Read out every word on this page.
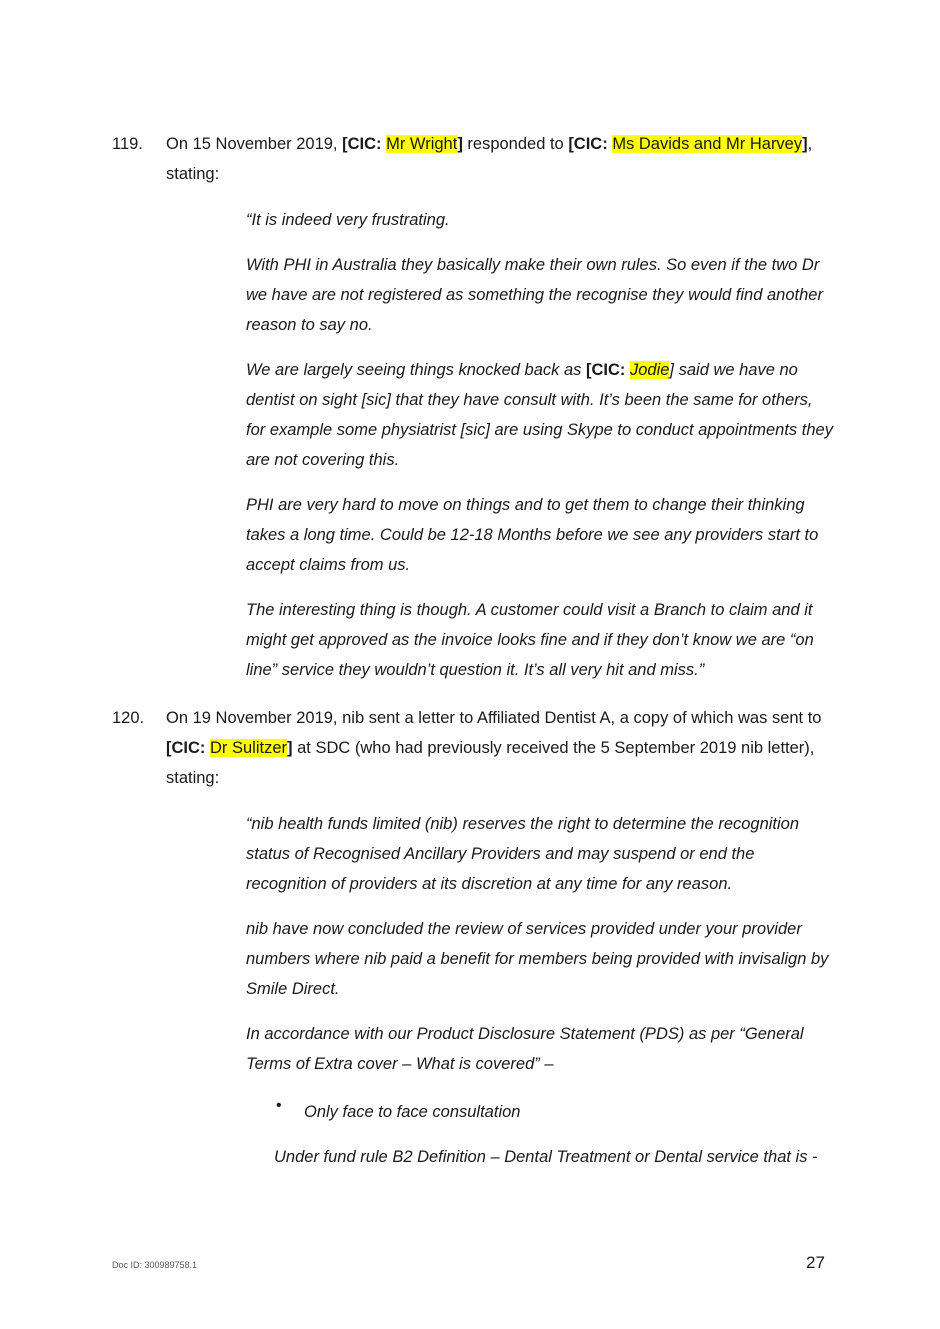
119. On 15 November 2019, [CIC: Mr Wright] responded to [CIC: Ms Davids and Mr Harvey], stating:

“It is indeed very frustrating.

With PHI in Australia they basically make their own rules. So even if the two Dr we have are not registered as something the recognise they would find another reason to say no.

We are largely seeing things knocked back as [CIC: Jodie] said we have no dentist on sight [sic] that they have consult with. It’s been the same for others, for example some physiatrist [sic] are using Skype to conduct appointments they are not covering this.

PHI are very hard to move on things and to get them to change their thinking takes a long time. Could be 12-18 Months before we see any providers start to accept claims from us.

The interesting thing is though. A customer could visit a Branch to claim and it might get approved as the invoice looks fine and if they don’t know we are “on line” service they wouldn’t question it. It’s all very hit and miss.”

120. On 19 November 2019, nib sent a letter to Affiliated Dentist A, a copy of which was sent to [CIC: Dr Sulitzer] at SDC (who had previously received the 5 September 2019 nib letter), stating:

“nib health funds limited (nib) reserves the right to determine the recognition status of Recognised Ancillary Providers and may suspend or end the recognition of providers at its discretion at any time for any reason.

nib have now concluded the review of services provided under your provider numbers where nib paid a benefit for members being provided with invisalign by Smile Direct.

In accordance with our Product Disclosure Statement (PDS) as per “General Terms of Extra cover – What is covered” –

• Only face to face consultation
Under fund rule B2 Definition – Dental Treatment or Dental service that is -
Doc ID: 300989758.1	27
